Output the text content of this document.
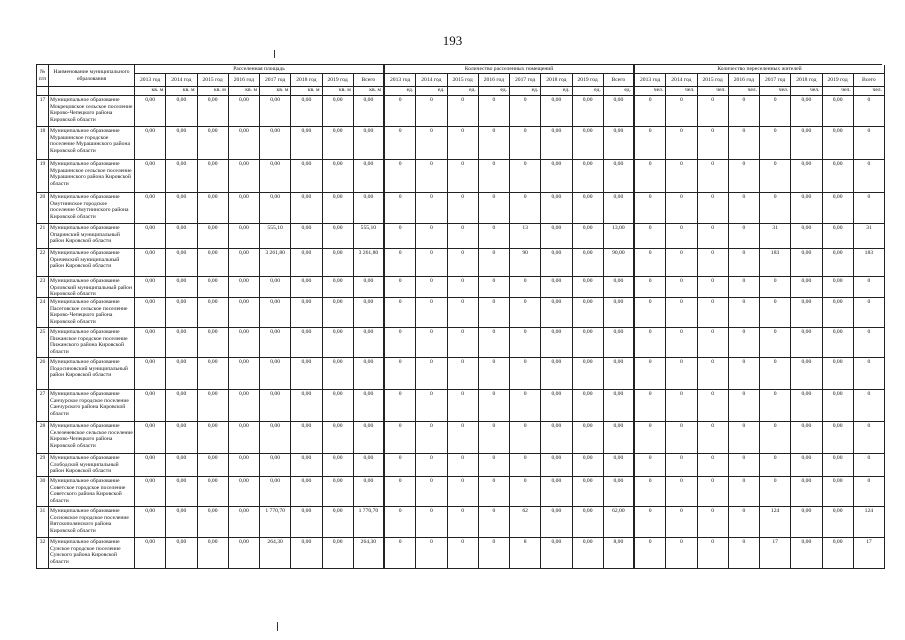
193
№ п/п
Наименование муниципального образования
Расселенная площадь	Количество расселенных помещений	Количество переселенных жителей
2013 год	2014 год	2015 год	2016 год	2017 год	2018 год	2019 год	Всего	2013 год	2014 год	2015 год	2016 год	2017 год	2018 год	2019 год	Всего	2013 год	2014 год	2015 год	2016 год	2017 год	2018 год	2019 год	Всего
кв. м	кв. м	кв. м	кв. м	кв. м	кв. м	кв. м	кв. м	ед.	ед.	ед.	ед.	ед.	ед.	ед.	ед.	чел.	чел.	чел.	чел.	чел.	чел.	чел.	чел.
17 Муниципальное образование Мокрецовское сельское поселение Кирово-Чепецкого района Кировской области
0,00	0,00	0,00	0,00	0,00	0,00	0,00	0,00	0	0	0	0	0	0,00	0,00	0,00	0	0	0	0	0	0,00	0,00	0
18 Муниципальное образование Мурашинское городское поселение Мурашинского района Кировской области
0,00	0,00	0,00	0,00	0,00	0,00	0,00	0,00	0	0	0	0	0	0,00	0,00	0,00	0	0	0	0	0	0,00	0,00	0
19 Муниципальное образование Мурашинское сельское поселение Мурашинского района Кировской области
0,00	0,00	0,00	0,00	0,00	0,00	0,00	0,00	0	0	0	0	0	0,00	0,00	0,00	0	0	0	0	0	0,00	0,00	0
20 Муниципальное образование Омутнинское городское поселение Омутнинского района Кировской области
0,00	0,00	0,00	0,00	0,00	0,00	0,00	0,00	0	0	0	0	0	0,00	0,00	0,00	0	0	0	0	0	0,00	0,00	0
21 Муниципальное образование Опаринский муниципальный район Кировской области
0,00	0,00	0,00	0,00	555,10	0,00	0,00	555,10	0	0	0	0	13	0,00	0,00	13,00	0	0	0	0	31	0,00	0,00	31
22 Муниципальное образование Оричевский муниципальный район Кировской области
0,00	0,00	0,00	0,00	3 261,80	0,00	0,00	3 261,80	0	0	0	0	90	0,00	0,00	90,00	0	0	0	0	183	0,00	0,00	183
23 Муниципальное образование Орловский муниципальный район Кировской области
0,00	0,00	0,00	0,00	0,00	0,00	0,00	0,00	0	0	0	0	0	0,00	0,00	0,00	0	0	0	0	0	0,00	0,00	0
24 Муниципальное образование Пасеговское сельское поселение Кирово-Чепецкого района Кировской области
0,00	0,00	0,00	0,00	0,00	0,00	0,00	0,00	0	0	0	0	0	0,00	0,00	0,00	0	0	0	0	0	0,00	0,00	0
25 Муниципальное образование Пижанское городское поселение Пижанского района Кировской области
0,00	0,00	0,00	0,00	0,00	0,00	0,00	0,00	0	0	0	0	0	0,00	0,00	0,00	0	0	0	0	0	0,00	0,00	0
26 Муниципальное образование Подосиновский муниципальный район Кировской области
0,00	0,00	0,00	0,00	0,00	0,00	0,00	0,00	0	0	0	0	0	0,00	0,00	0,00	0	0	0	0	0	0,00	0,00	0
27 Муниципальное образование Санчурское городское поселение Санчурского района Кировской области
0,00	0,00	0,00	0,00	0,00	0,00	0,00	0,00	0	0	0	0	0	0,00	0,00	0,00	0	0	0	0	0	0,00	0,00	0
28 Муниципальное образование Селезеневское сельское поселение Кирово-Чепецкого района Кировской области
0,00	0,00	0,00	0,00	0,00	0,00	0,00	0,00	0	0	0	0	0	0,00	0,00	0,00	0	0	0	0	0	0,00	0,00	0
29 Муниципальное образование Слободской муниципальный район Кировской области
0,00	0,00	0,00	0,00	0,00	0,00	0,00	0,00	0	0	0	0	0	0,00	0,00	0,00	0	0	0	0	0	0,00	0,00	0
30 Муниципальное образование Советское городское поселение Советского района Кировской области
0,00	0,00	0,00	0,00	0,00	0,00	0,00	0,00	0	0	0	0	0	0,00	0,00	0,00	0	0	0	0	0	0,00	0,00	0
31 Муниципальное образование Сосновское городское поселение Вятскополянского района Кировской области
0,00	0,00	0,00	0,00	1 770,70	0,00	0,00	1 770,70	0	0	0	0	62	0,00	0,00	62,00	0	0	0	0	124	0,00	0,00	124
32 Муниципальное образование Сунское городское поселение Сунского района Кировской области
0,00	0,00	0,00	0,00	264,30	0,00	0,00	264,30	0	0	0	0	8	0,00	0,00	8,00	0	0	0	0	17	0,00	0,00	17
